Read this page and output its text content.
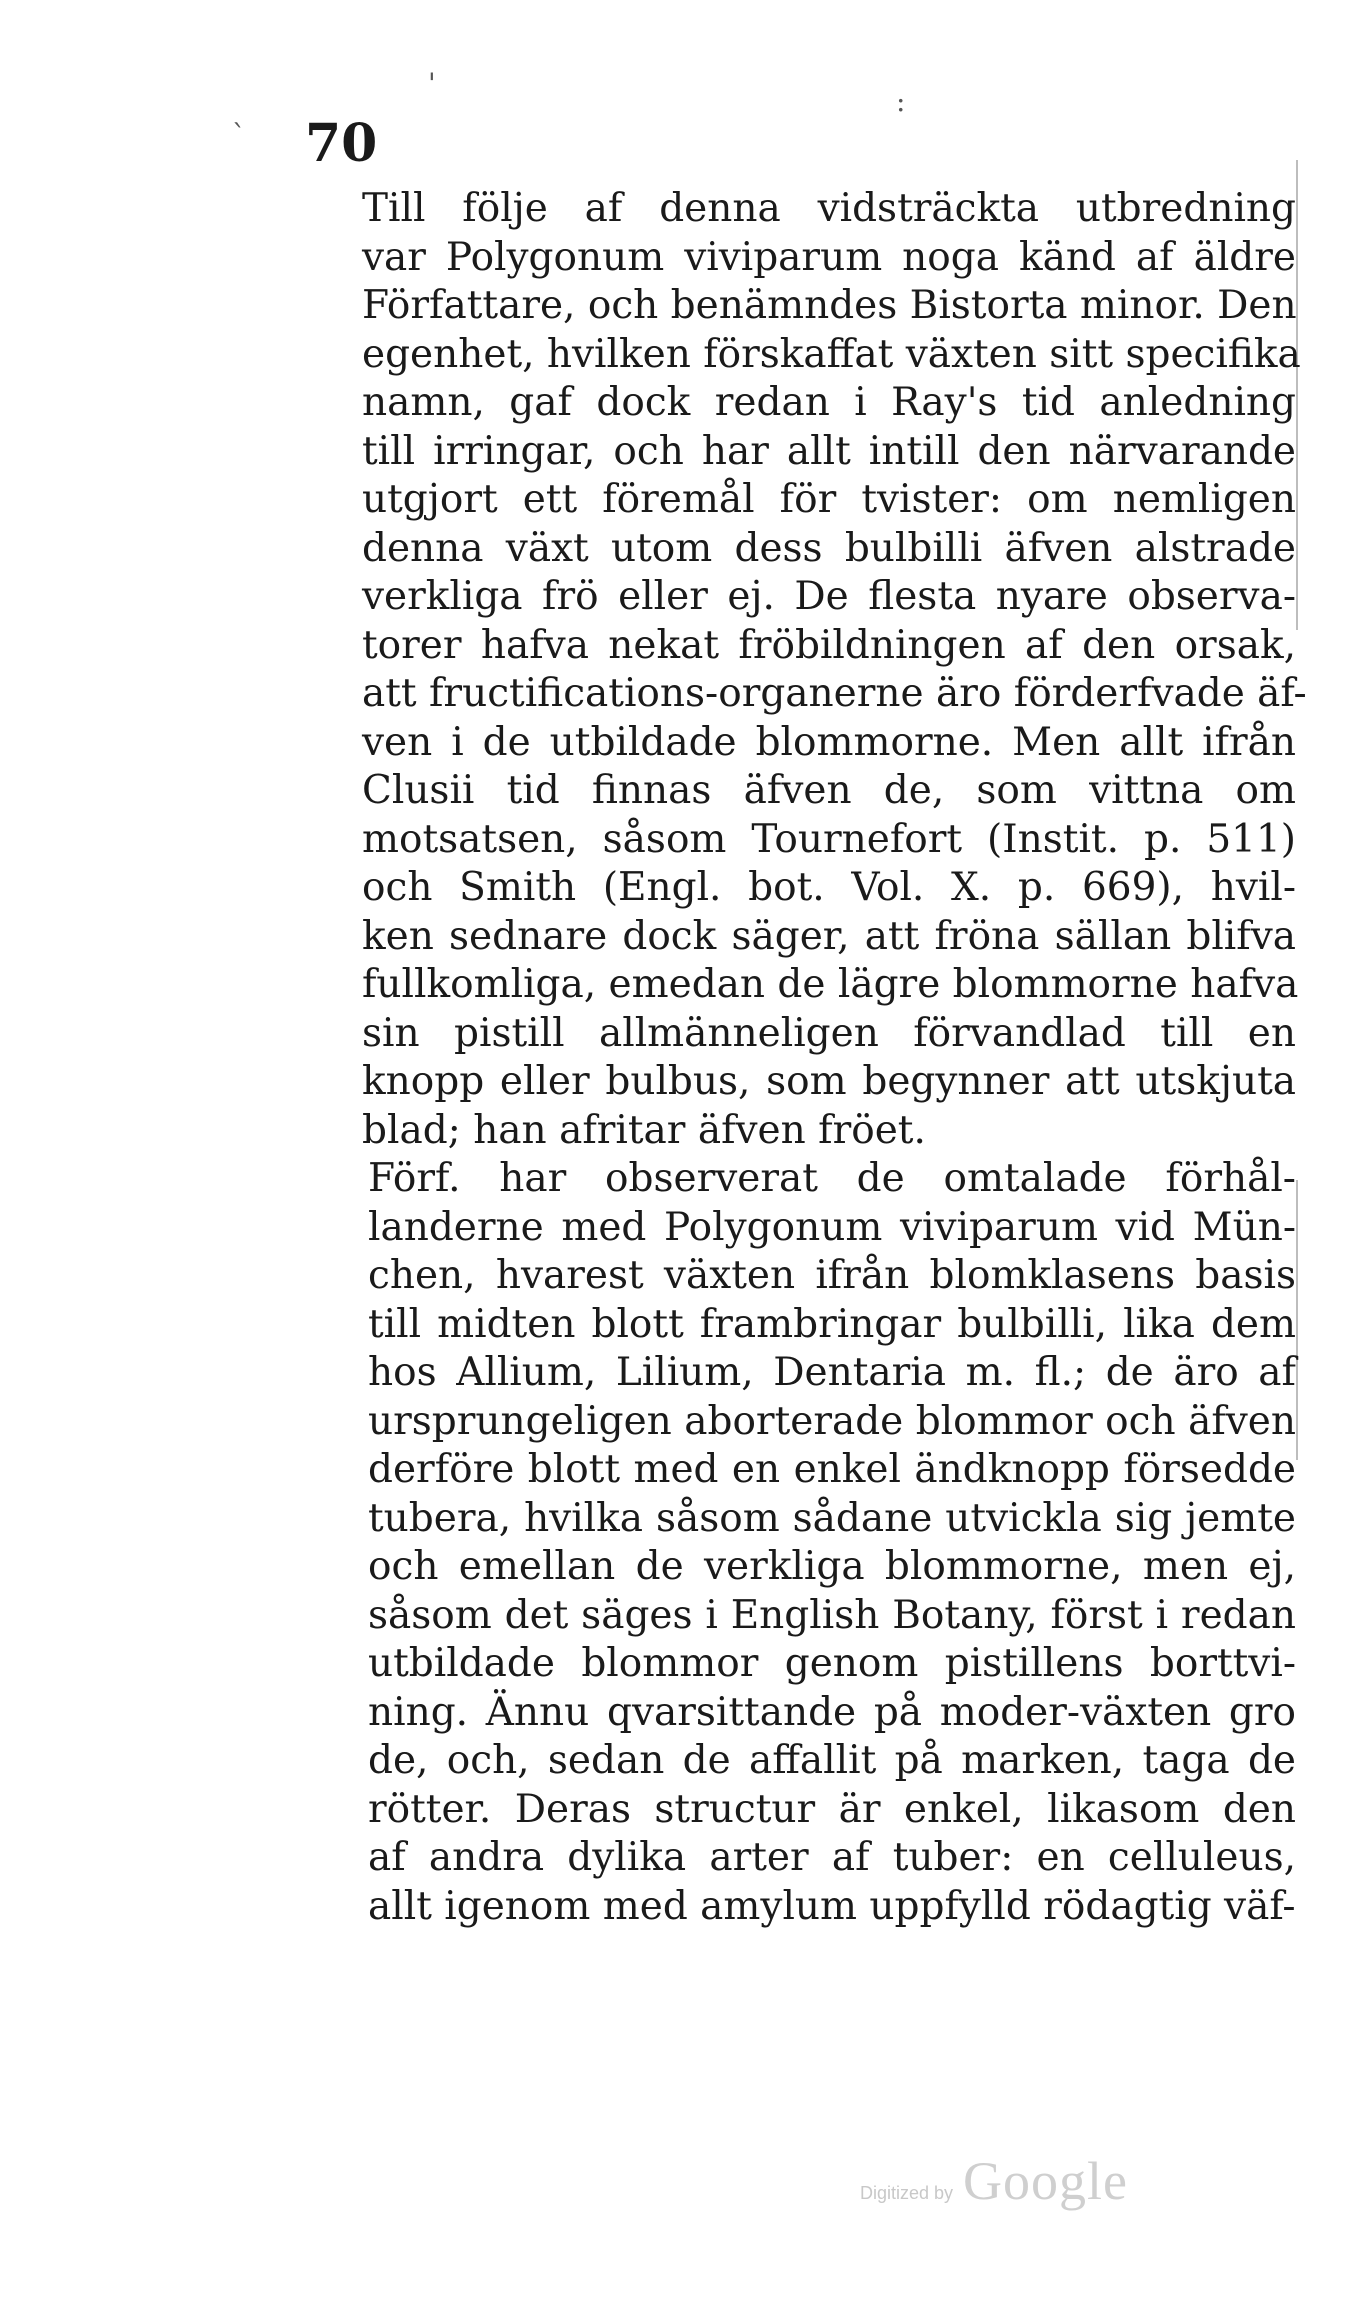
70
:
'
`

Till följe af denna vidsträckta utbredning
var Polygonum viviparum noga känd af äldre
Författare, och benämndes Bistorta minor. Den
egenhet, hvilken förskaffat växten sitt specifika
namn, gaf dock redan i Ray's tid anledning
till irringar, och har allt intill den närvarande
utgjort ett föremål för tvister: om nemligen
denna växt utom dess bulbilli äfven alstrade
verkliga frö eller ej. De flesta nyare observa-
torer hafva nekat fröbildningen af den orsak,
att fructifications-organerne äro förderfvade äf-
ven i de utbildade blommorne. Men allt ifrån
Clusii tid finnas äfven de, som vittna om
motsatsen, såsom Tournefort (Instit. p. 511)
och Smith (Engl. bot. Vol. X. p. 669), hvil-
ken sednare dock säger, att fröna sällan blifva
fullkomliga, emedan de lägre blommorne hafva
sin pistill allmänneligen förvandlad till en
knopp eller bulbus, som begynner att utskjuta
blad; han afritar äfven fröet.

Förf. har observerat de omtalade förhål-
landerne med Polygonum viviparum vid Mün-
chen, hvarest växten ifrån blomklasens basis
till midten blott frambringar bulbilli, lika dem
hos Allium, Lilium, Dentaria m. fl.; de äro af
ursprungeligen aborterade blommor och äfven
derföre blott med en enkel ändknopp försedde
tubera, hvilka såsom sådane utvickla sig jemte
och emellan de verkliga blommorne, men ej,
såsom det säges i English Botany, först i redan
utbildade blommor genom pistillens borttvi-
ning. Ännu qvarsittande på moder-växten gro
de, och, sedan de affallit på marken, taga de
rötter. Deras structur är enkel, likasom den
af andra dylika arter af tuber: en celluleus,
allt igenom med amylum uppfylld rödagtig väf-

Digitized by Google
